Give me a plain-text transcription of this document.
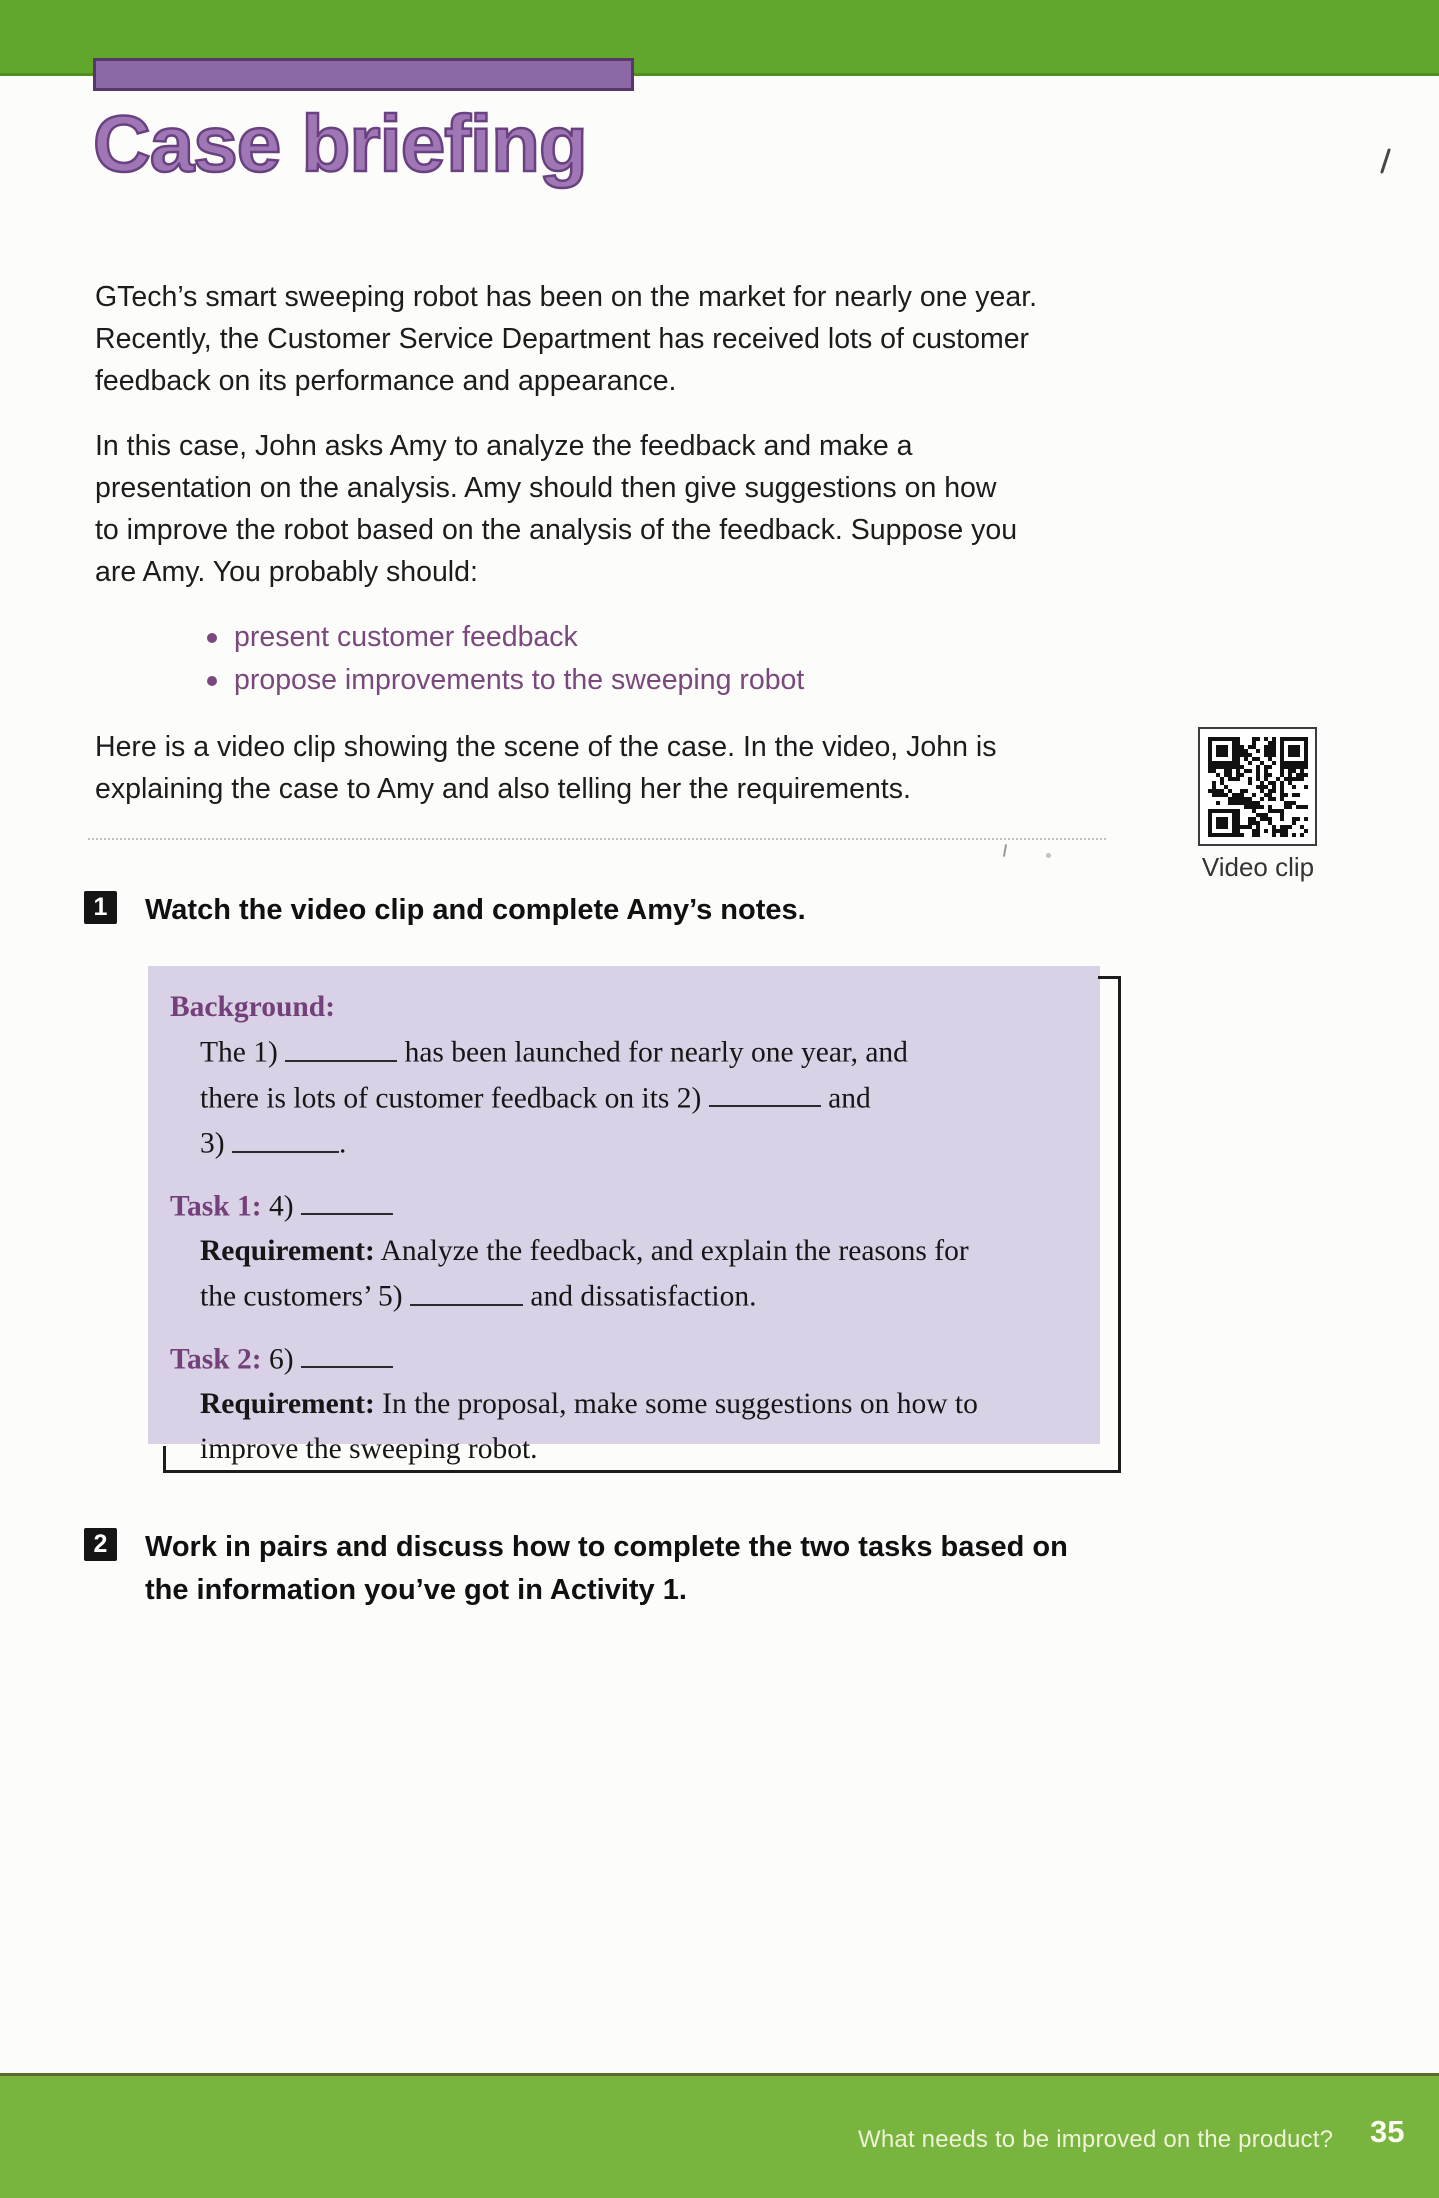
Case briefing
GTech’s smart sweeping robot has been on the market for nearly one year.
Recently, the Customer Service Department has received lots of customer
feedback on its performance and appearance.
In this case, John asks Amy to analyze the feedback and make a
presentation on the analysis. Amy should then give suggestions on how
to improve the robot based on the analysis of the feedback. Suppose you
are Amy. You probably should:
present customer feedback
propose improvements to the sweeping robot
Here is a video clip showing the scene of the case. In the video, John is
explaining the case to Amy and also telling her the requirements.
Video clip
1	Watch the video clip and complete Amy’s notes.
Background:
The 1)	has been launched for nearly one year, and
there is lots of customer feedback on its 2)	and
3)	.
Task 1: 4)
Requirement: Analyze the feedback, and explain the reasons for
the customers’ 5)	and dissatisfaction.
Task 2: 6)
Requirement: In the proposal, make some suggestions on how to
improve the sweeping robot.
2	Work in pairs and discuss how to complete the two tasks based on
the information you’ve got in Activity 1.
What needs to be improved on the product? 35
